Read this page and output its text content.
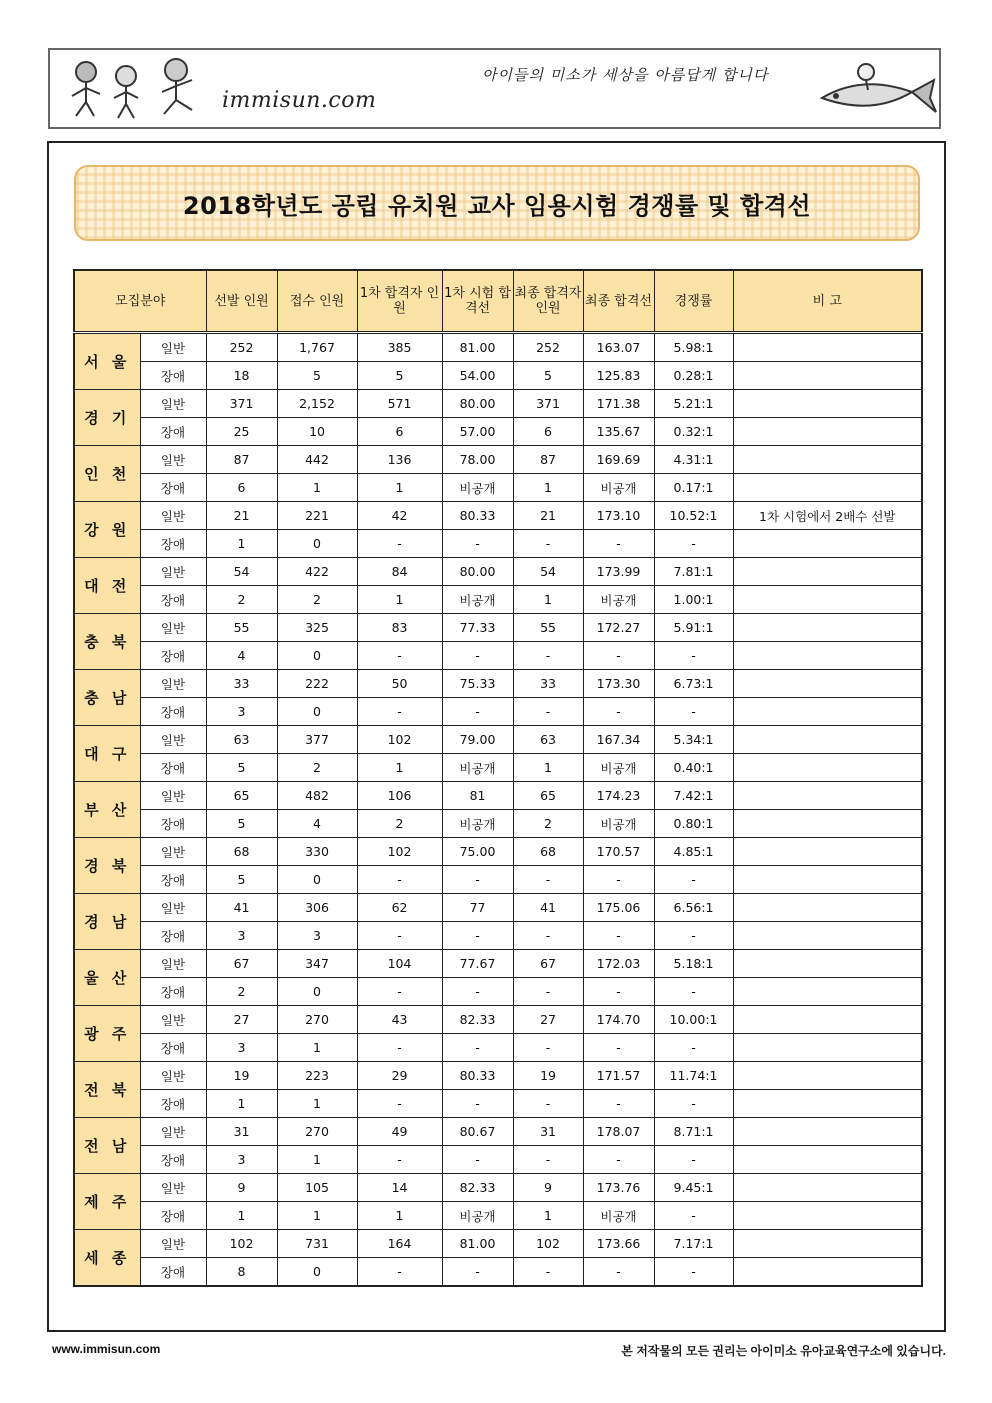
immisun.com
아이들의 미소가 세상을 아름답게 합니다
2018학년도 공립 유치원 교사 임용시험 경쟁률 및 합격선
모집분야		선발 인원	접수 인원	1차 합격자 인원	1차 시험 합격선	최종 합격자 인원	최종 합격선	경쟁률	비 고
서 울	일반	252	1,767	385	81.00	252	163.07	5.98:1	
	장애	18	5	5	54.00	5	125.83	0.28:1	
경 기	일반	371	2,152	571	80.00	371	171.38	5.21:1	
	장애	25	10	6	57.00	6	135.67	0.32:1	
인 천	일반	87	442	136	78.00	87	169.69	4.31:1	
	장애	6	1	1	비공개	1	비공개	0.17:1	
강 원	일반	21	221	42	80.33	21	173.10	10.52:1	1차 시험에서 2배수 선발
	장애	1	0	-	-	-	-	-	
대 전	일반	54	422	84	80.00	54	173.99	7.81:1	
	장애	2	2	1	비공개	1	비공개	1.00:1	
충 북	일반	55	325	83	77.33	55	172.27	5.91:1	
	장애	4	0	-	-	-	-	-	
충 남	일반	33	222	50	75.33	33	173.30	6.73:1	
	장애	3	0	-	-	-	-	-	
대 구	일반	63	377	102	79.00	63	167.34	5.34:1	
	장애	5	2	1	비공개	1	비공개	0.40:1	
부 산	일반	65	482	106	81	65	174.23	7.42:1	
	장애	5	4	2	비공개	2	비공개	0.80:1	
경 북	일반	68	330	102	75.00	68	170.57	4.85:1	
	장애	5	0	-	-	-	-	-	
경 남	일반	41	306	62	77	41	175.06	6.56:1	
	장애	3	3	-	-	-	-	-	
울 산	일반	67	347	104	77.67	67	172.03	5.18:1	
	장애	2	0	-	-	-	-	-	
광 주	일반	27	270	43	82.33	27	174.70	10.00:1	
	장애	3	1	-	-	-	-	-	
전 북	일반	19	223	29	80.33	19	171.57	11.74:1	
	장애	1	1	-	-	-	-	-	
전 남	일반	31	270	49	80.67	31	178.07	8.71:1	
	장애	3	1	-	-	-	-	-	
제 주	일반	9	105	14	82.33	9	173.76	9.45:1	
	장애	1	1	1	비공개	1	비공개	-	
세 종	일반	102	731	164	81.00	102	173.66	7.17:1	
	장애	8	0	-	-	-	-	-	
www.immisun.com	본 저작물의 모든 권리는 아이미소 유아교육연구소에 있습니다.
